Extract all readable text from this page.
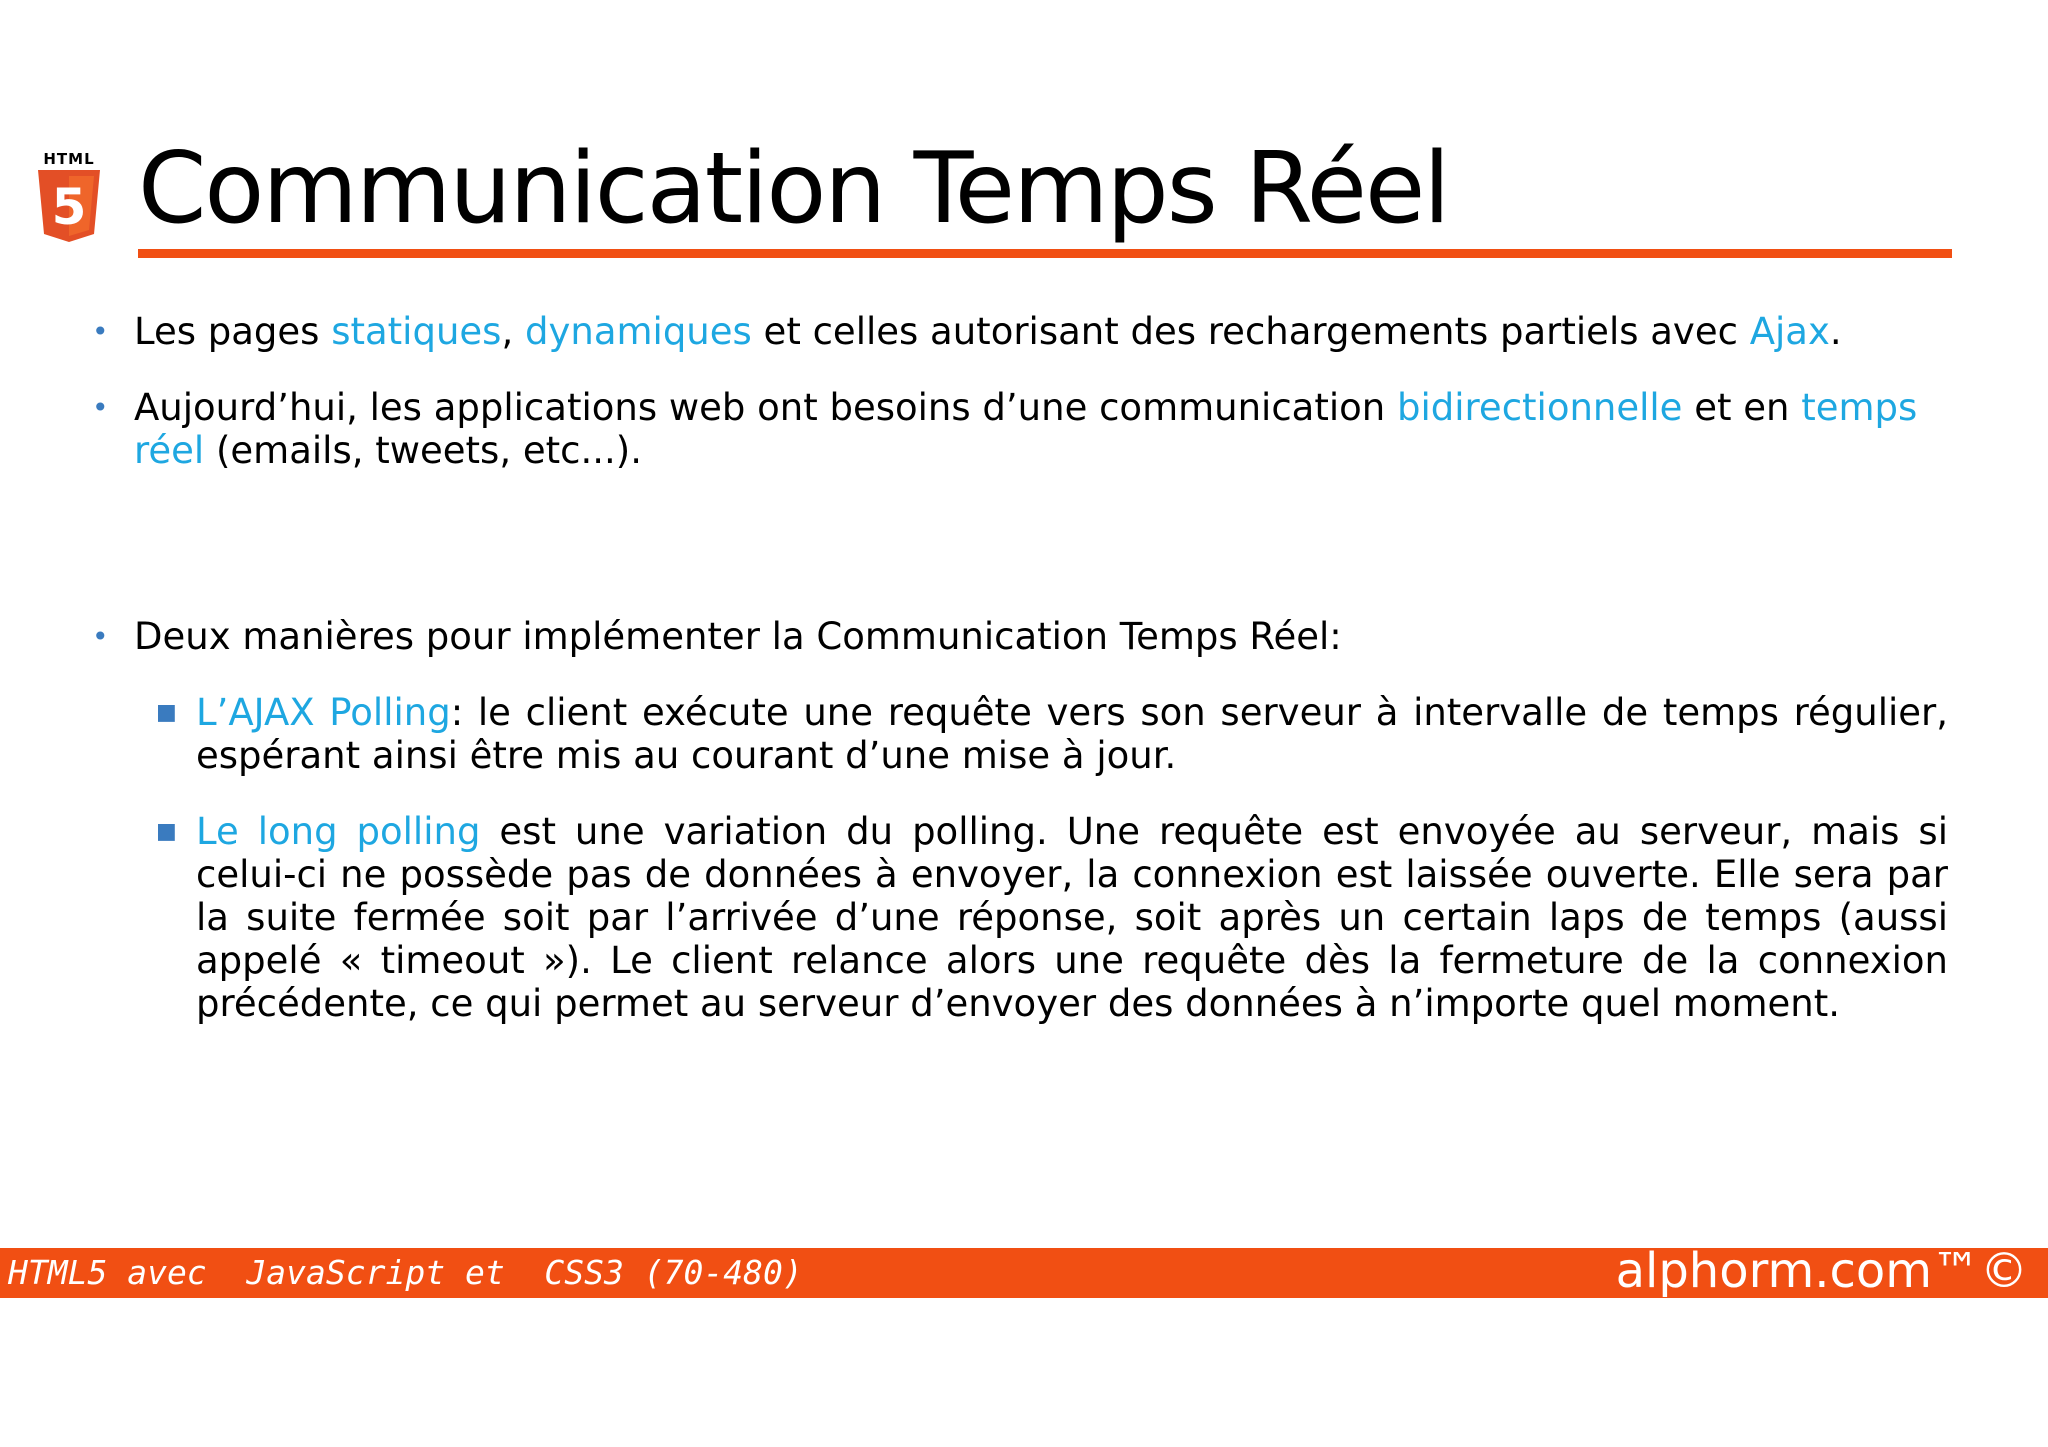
HTML
5 Communication Temps Réel
• Les pages statiques, dynamiques et celles autorisant des rechargements partiels avec Ajax.
• Aujourd’hui, les applications web ont besoins d’une communication bidirectionnelle et en temps réel (emails, tweets, etc...).
• Deux manières pour implémenter la Communication Temps Réel:
■ L’AJAX Polling: le client exécute une requête vers son serveur à intervalle de temps régulier, espérant ainsi être mis au courant d’une mise à jour.
■ Le long polling est une variation du polling. Une requête est envoyée au serveur, mais si celui-ci ne possède pas de données à envoyer, la connexion est laissée ouverte. Elle sera par la suite fermée soit par l’arrivée d’une réponse, soit après un certain laps de temps (aussi appelé « timeout »). Le client relance alors une requête dès la fermeture de la connexion précédente, ce qui permet au serveur d’envoyer des données à n’importe quel moment.
HTML5 avec  JavaScript et  CSS3 (70-480)	alphorm.com™©
